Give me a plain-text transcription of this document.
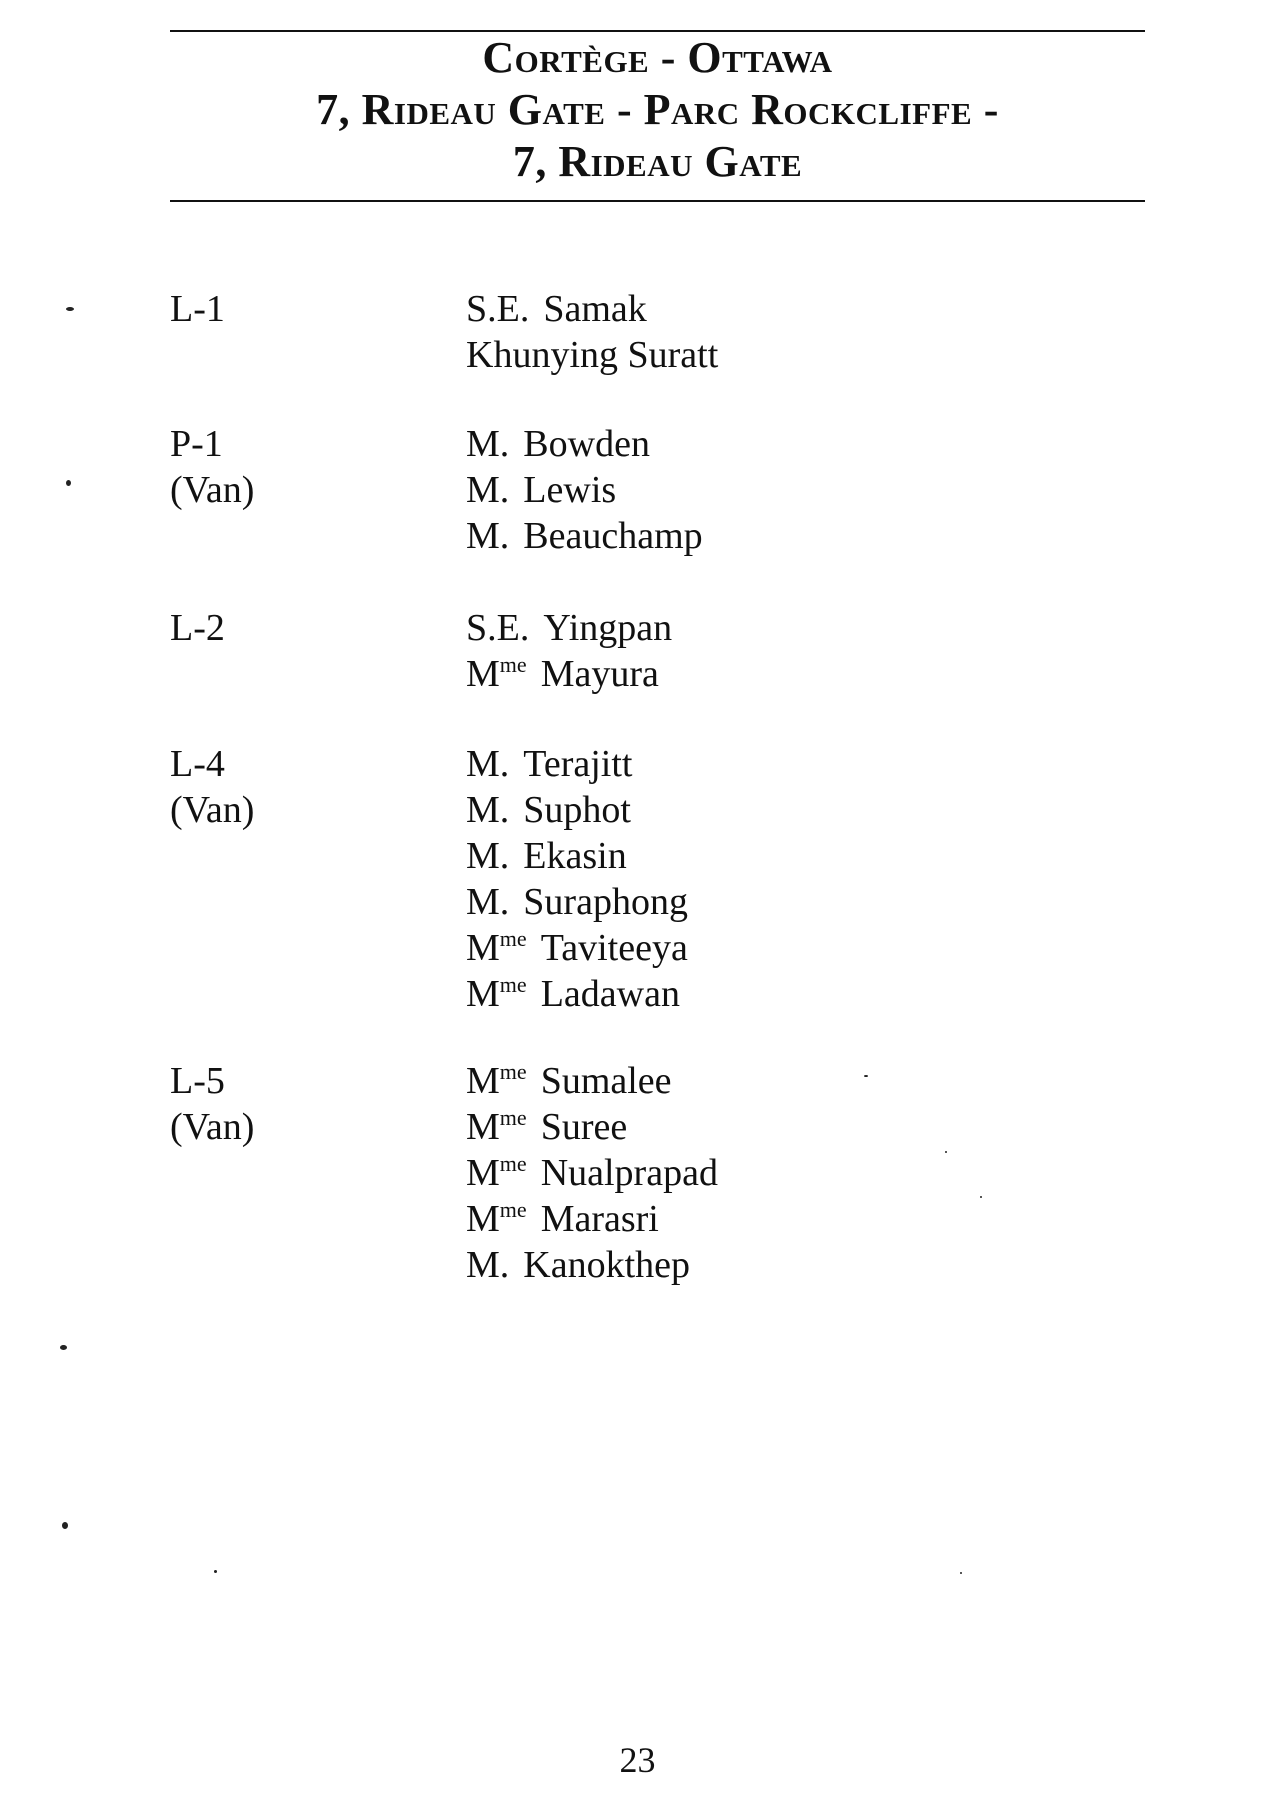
Cortège - Ottawa
7, Rideau Gate - Parc Rockcliffe -
7, Rideau Gate
L-1	S.E. Samak
Khunying Suratt
P-1
(Van)
M. Bowden
M. Lewis
M. Beauchamp
L-2	S.E. Yingpan
$M^{me}$ Mayura
L-4
(Van)
M. Terajitt
M. Suphot
M. Ekasin
M. Suraphong
$M^{me}$ Taviteeya
$M^{me}$ Ladawan
L-5
(Van)
$M^{me}$ Sumalee
$M^{me}$ Suree
$M^{me}$ Nualprapad
$M^{me}$ Marasri
M. Kanokthep
23
